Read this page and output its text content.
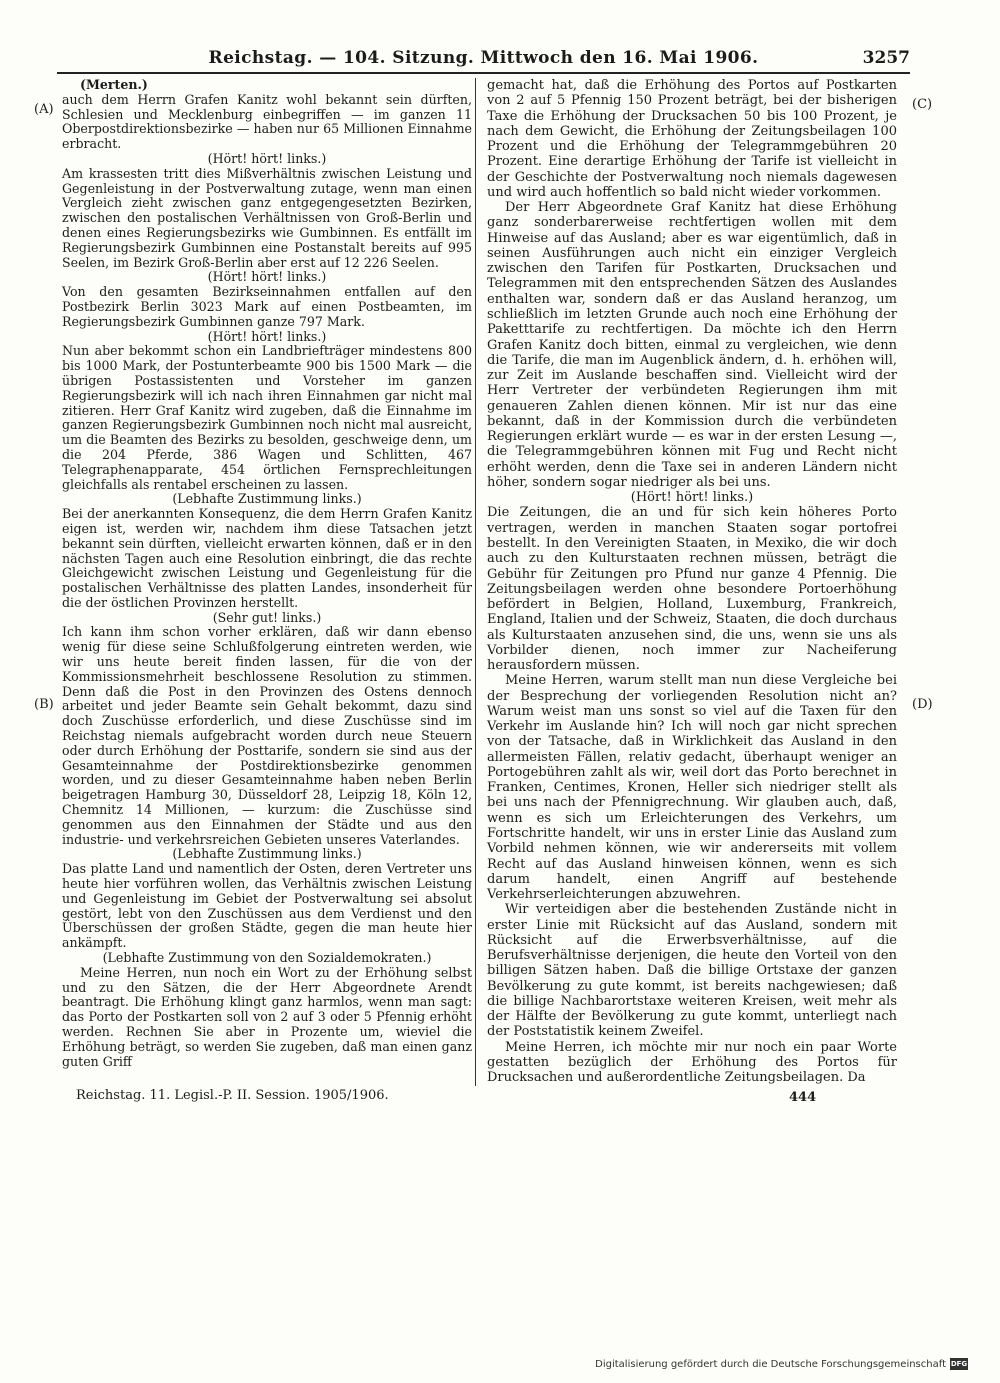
Reichstag. — 104. Sitzung. Mittwoch den 16. Mai 1906.	3257
(A)
(B)
(C)
(D)

(Merten.)

auch dem Herrn Grafen Kanitz wohl bekannt sein dürften, Schlesien und Mecklenburg einbegriffen — im ganzen 11 Oberpostdirektionsbezirke — haben nur 65 Millionen Einnahme erbracht.

(Hört! hört! links.)

Am krassesten tritt dies Mißverhältnis zwischen Leistung und Gegenleistung in der Postverwaltung zutage, wenn man einen Vergleich zieht zwischen ganz entgegengesetzten Bezirken, zwischen den postalischen Verhältnissen von Groß-Berlin und denen eines Regierungsbezirks wie Gumbinnen. Es entfällt im Regierungsbezirk Gumbinnen eine Postanstalt bereits auf 995 Seelen, im Bezirk Groß-Berlin aber erst auf 12 226 Seelen.

(Hört! hört! links.)

Von den gesamten Bezirkseinnahmen entfallen auf den Postbezirk Berlin 3023 Mark auf einen Postbeamten, im Regierungsbezirk Gumbinnen ganze 797 Mark.

(Hört! hört! links.)

Nun aber bekommt schon ein Landbriefträger mindestens 800 bis 1000 Mark, der Postunterbeamte 900 bis 1500 Mark — die übrigen Postassistenten und Vorsteher im ganzen Regierungsbezirk will ich nach ihren Einnahmen gar nicht mal zitieren. Herr Graf Kanitz wird zugeben, daß die Einnahme im ganzen Regierungsbezirk Gumbinnen noch nicht mal ausreicht, um die Beamten des Bezirks zu besolden, geschweige denn, um die 204 Pferde, 386 Wagen und Schlitten, 467 Telegraphenapparate, 454 örtlichen Fernsprechleitungen gleichfalls als rentabel erscheinen zu lassen.

(Lebhafte Zustimmung links.)

Bei der anerkannten Konsequenz, die dem Herrn Grafen Kanitz eigen ist, werden wir, nachdem ihm diese Tatsachen jetzt bekannt sein dürften, vielleicht erwarten können, daß er in den nächsten Tagen auch eine Resolution einbringt, die das rechte Gleichgewicht zwischen Leistung und Gegenleistung für die postalischen Verhältnisse des platten Landes, insonderheit für die der östlichen Provinzen herstellt.

(Sehr gut! links.)

Ich kann ihm schon vorher erklären, daß wir dann ebenso wenig für diese seine Schlußfolgerung eintreten werden, wie wir uns heute bereit finden lassen, für die von der Kommissionsmehrheit beschlossene Resolution zu stimmen. Denn daß die Post in den Provinzen des Ostens dennoch arbeitet und jeder Beamte sein Gehalt bekommt, dazu sind doch Zuschüsse erforderlich, und diese Zuschüsse sind im Reichstag niemals aufgebracht worden durch neue Steuern oder durch Erhöhung der Posttarife, sondern sie sind aus der Gesamteinnahme der Postdirektionsbezirke genommen worden, und zu dieser Gesamteinnahme haben neben Berlin beigetragen Hamburg 30, Düsseldorf 28, Leipzig 18, Köln 12, Chemnitz 14 Millionen, — kurzum: die Zuschüsse sind genommen aus den Einnahmen der Städte und aus den industrie- und verkehrsreichen Gebieten unseres Vaterlandes.

(Lebhafte Zustimmung links.)

Das platte Land und namentlich der Osten, deren Vertreter uns heute hier vorführen wollen, das Verhältnis zwischen Leistung und Gegenleistung im Gebiet der Postverwaltung sei absolut gestört, lebt von den Zuschüssen aus dem Verdienst und den Überschüssen der großen Städte, gegen die man heute hier ankämpft.

(Lebhafte Zustimmung von den Sozialdemokraten.)

Meine Herren, nun noch ein Wort zu der Erhöhung selbst und zu den Sätzen, die der Herr Abgeordnete Arendt beantragt. Die Erhöhung klingt ganz harmlos, wenn man sagt: das Porto der Postkarten soll von 2 auf 3 oder 5 Pfennig erhöht werden. Rechnen Sie aber in Prozente um, wieviel die Erhöhung beträgt, so werden Sie zugeben, daß man einen ganz guten Griff

gemacht hat, daß die Erhöhung des Portos auf Postkarten von 2 auf 5 Pfennig 150 Prozent beträgt, bei der bisherigen Taxe die Erhöhung der Drucksachen 50 bis 100 Prozent, je nach dem Gewicht, die Erhöhung der Zeitungsbeilagen 100 Prozent und die Erhöhung der Telegrammgebühren 20 Prozent. Eine derartige Erhöhung der Tarife ist vielleicht in der Geschichte der Postverwaltung noch niemals dagewesen und wird auch hoffentlich so bald nicht wieder vorkommen.

Der Herr Abgeordnete Graf Kanitz hat diese Erhöhung ganz sonderbarerweise rechtfertigen wollen mit dem Hinweise auf das Ausland; aber es war eigentümlich, daß in seinen Ausführungen auch nicht ein einziger Vergleich zwischen den Tarifen für Postkarten, Drucksachen und Telegrammen mit den entsprechenden Sätzen des Auslandes enthalten war, sondern daß er das Ausland heranzog, um schließlich im letzten Grunde auch noch eine Erhöhung der Paketttarife zu rechtfertigen. Da möchte ich den Herrn Grafen Kanitz doch bitten, einmal zu vergleichen, wie denn die Tarife, die man im Augenblick ändern, d. h. erhöhen will, zur Zeit im Auslande beschaffen sind. Vielleicht wird der Herr Vertreter der verbündeten Regierungen ihm mit genaueren Zahlen dienen können. Mir ist nur das eine bekannt, daß in der Kommission durch die verbündeten Regierungen erklärt wurde — es war in der ersten Lesung —, die Telegrammgebühren können mit Fug und Recht nicht erhöht werden, denn die Taxe sei in anderen Ländern nicht höher, sondern sogar niedriger als bei uns.

(Hört! hört! links.)

Die Zeitungen, die an und für sich kein höheres Porto vertragen, werden in manchen Staaten sogar portofrei bestellt. In den Vereinigten Staaten, in Mexiko, die wir doch auch zu den Kulturstaaten rechnen müssen, beträgt die Gebühr für Zeitungen pro Pfund nur ganze 4 Pfennig. Die Zeitungsbeilagen werden ohne besondere Portoerhöhung befördert in Belgien, Holland, Luxemburg, Frankreich, England, Italien und der Schweiz, Staaten, die doch durchaus als Kulturstaaten anzusehen sind, die uns, wenn sie uns als Vorbilder dienen, noch immer zur Nacheiferung herausfordern müssen.

Meine Herren, warum stellt man nun diese Vergleiche bei der Besprechung der vorliegenden Resolution nicht an? Warum weist man uns sonst so viel auf die Taxen für den Verkehr im Auslande hin? Ich will noch gar nicht sprechen von der Tatsache, daß in Wirklichkeit das Ausland in den allermeisten Fällen, relativ gedacht, überhaupt weniger an Portogebühren zahlt als wir, weil dort das Porto berechnet in Franken, Centimes, Kronen, Heller sich niedriger stellt als bei uns nach der Pfennigrechnung. Wir glauben auch, daß, wenn es sich um Erleichterungen des Verkehrs, um Fortschritte handelt, wir uns in erster Linie das Ausland zum Vorbild nehmen können, wie wir andererseits mit vollem Recht auf das Ausland hinweisen können, wenn es sich darum handelt, einen Angriff auf bestehende Verkehrserleichterungen abzuwehren.

Wir verteidigen aber die bestehenden Zustände nicht in erster Linie mit Rücksicht auf das Ausland, sondern mit Rücksicht auf die Erwerbsverhältnisse, auf die Berufsverhältnisse derjenigen, die heute den Vorteil von den billigen Sätzen haben. Daß die billige Ortstaxe der ganzen Bevölkerung zu gute kommt, ist bereits nachgewiesen; daß die billige Nachbarortstaxe weiteren Kreisen, weit mehr als der Hälfte der Bevölkerung zu gute kommt, unterliegt nach der Poststatistik keinem Zweifel.

Meine Herren, ich möchte mir nur noch ein paar Worte gestatten bezüglich der Erhöhung des Portos für Drucksachen und außerordentliche Zeitungsbeilagen. Da

Reichstag. 11. Legisl.-P. II. Session. 1905/1906.	444
Digitalisierung gefördert durch die Deutsche Forschungsgemeinschaft DFG
